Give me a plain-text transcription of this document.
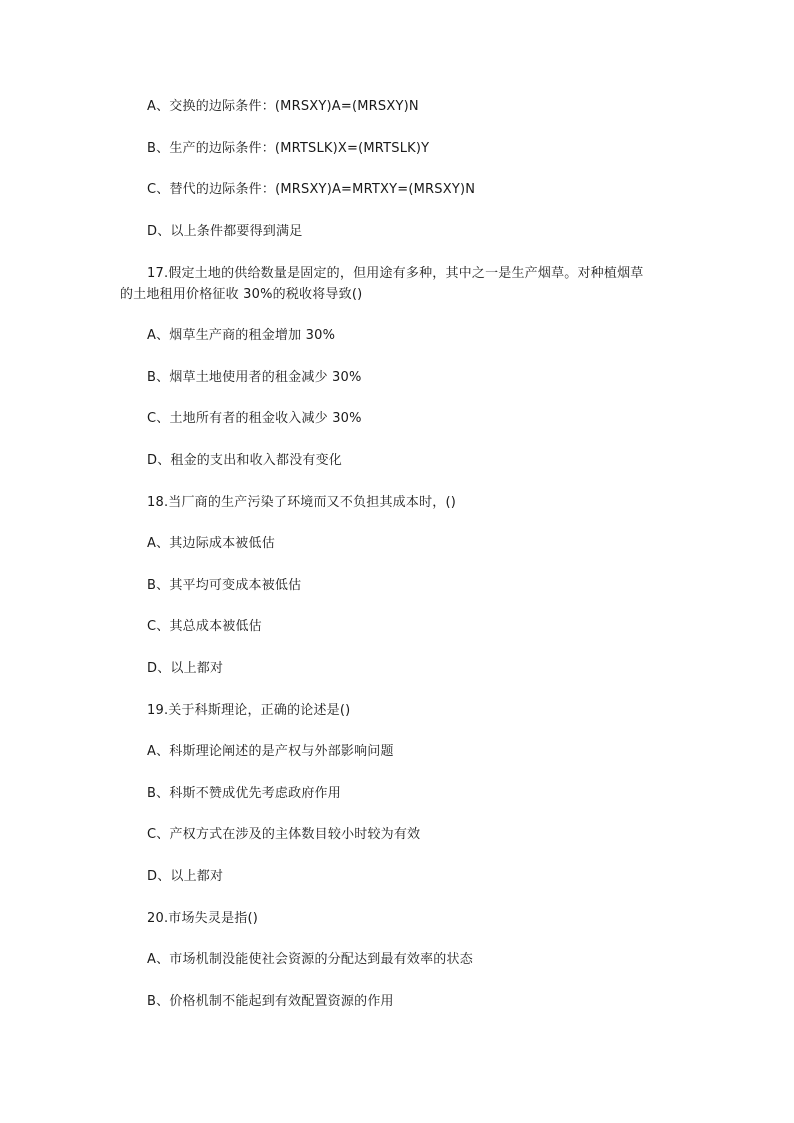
A、交换的边际条件：(MRSXY)A=(MRSXY)N
B、生产的边际条件：(MRTSLK)X=(MRTSLK)Y
C、替代的边际条件：(MRSXY)A=MRTXY=(MRSXY)N
D、以上条件都要得到满足
17.假定土地的供给数量是固定的，但用途有多种，其中之一是生产烟草。对种植烟草
的土地租用价格征收 30%的税收将导致()
A、烟草生产商的租金增加 30%
B、烟草土地使用者的租金减少 30%
C、土地所有者的租金收入减少 30%
D、租金的支出和收入都没有变化
18.当厂商的生产污染了环境而又不负担其成本时，()
A、其边际成本被低估
B、其平均可变成本被低估
C、其总成本被低估
D、以上都对
19.关于科斯理论，正确的论述是()
A、科斯理论阐述的是产权与外部影响问题
B、科斯不赞成优先考虑政府作用
C、产权方式在涉及的主体数目较小时较为有效
D、以上都对
20.市场失灵是指()
A、市场机制没能使社会资源的分配达到最有效率的状态
B、价格机制不能起到有效配置资源的作用
